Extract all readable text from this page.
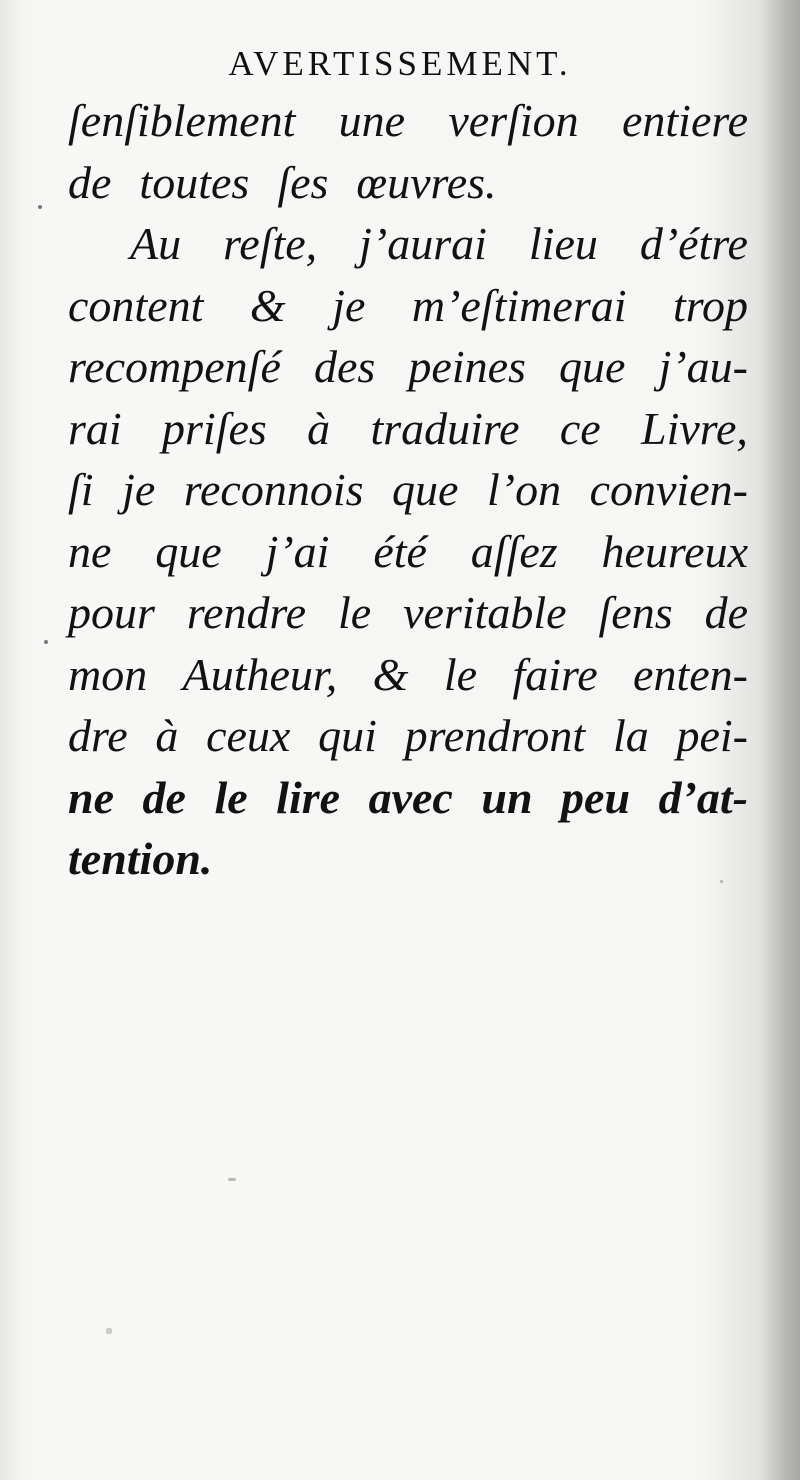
AVERTISSEMENT.
ſenſiblement une verſion entiere
de toutes ſes œuvres.
Au reſte, j’aurai lieu d’étre
content & je m’eſtimerai trop
recompenſé des peines que j’au-
rai priſes à traduire ce Livre,
ſi je reconnois que l’on convien-
ne que j’ai été aſſez heureux
pour rendre le veritable ſens de
mon Autheur, & le faire enten-
dre à ceux qui prendront la pei-
ne de le lire avec un peu d’at-
tention.
